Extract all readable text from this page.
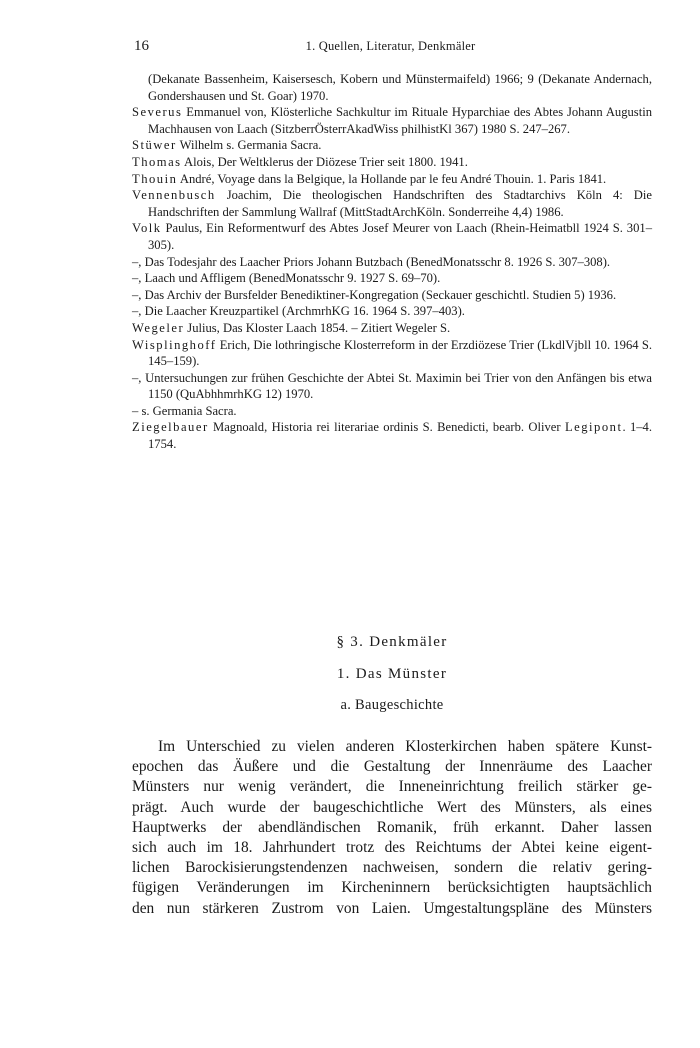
16	1. Quellen, Literatur, Denkmäler

(Dekanate Bassenheim, Kaisersesch, Kobern und Münstermaifeld) 1966; 9 (Dekanate Andernach, Gondershausen und St. Goar) 1970.

Severus Emmanuel von, Klösterliche Sachkultur im Rituale Hyparchiae des Abtes Johann Augustin Machhausen von Laach (SitzberrÖsterrAkadWiss philhistKl 367) 1980 S. 247–267.

Stüwer Wilhelm s. Germania Sacra.

Thomas Alois, Der Weltklerus der Diözese Trier seit 1800. 1941.

Thouin André, Voyage dans la Belgique, la Hollande par le feu André Thouin. 1. Paris 1841.

Vennenbusch Joachim, Die theologischen Handschriften des Stadtarchivs Köln 4: Die Handschriften der Sammlung Wallraf (MittStadtArchKöln. Sonderreihe 4,4) 1986.

Volk Paulus, Ein Reformentwurf des Abtes Josef Meurer von Laach (Rhein-Heimatbll 1924 S. 301–305).

–, Das Todesjahr des Laacher Priors Johann Butzbach (BenedMonatsschr 8. 1926 S. 307–308).

–, Laach und Affligem (BenedMonatsschr 9. 1927 S. 69–70).

–, Das Archiv der Bursfelder Benediktiner-Kongregation (Seckauer geschichtl. Studien 5) 1936.

–, Die Laacher Kreuzpartikel (ArchmrhKG 16. 1964 S. 397–403).

Wegeler Julius, Das Kloster Laach 1854. – Zitiert Wegeler S.

Wisplinghoff Erich, Die lothringische Klosterreform in der Erzdiözese Trier (LkdlVjbll 10. 1964 S. 145–159).

–, Untersuchungen zur frühen Geschichte der Abtei St. Maximin bei Trier von den Anfängen bis etwa 1150 (QuAbhhmrhKG 12) 1970.

– s. Germania Sacra.

Ziegelbauer Magnoald, Historia rei literariae ordinis S. Benedicti, bearb. Oliver Legipont. 1–4. 1754.

§ 3. Denkmäler
1. Das Münster
a. Baugeschichte

Im Unterschied zu vielen anderen Klosterkirchen haben spätere Kunst-

epochen das Äußere und die Gestaltung der Innenräume des Laacher

Münsters nur wenig verändert, die Inneneinrichtung freilich stärker ge-

prägt. Auch wurde der baugeschichtliche Wert des Münsters, als eines

Hauptwerks der abendländischen Romanik, früh erkannt. Daher lassen

sich auch im 18. Jahrhundert trotz des Reichtums der Abtei keine eigent-

lichen Barockisierungstendenzen nachweisen, sondern die relativ gering-

fügigen Veränderungen im Kircheninnern berücksichtigten hauptsächlich

den nun stärkeren Zustrom von Laien. Umgestaltungspläne des Münsters
